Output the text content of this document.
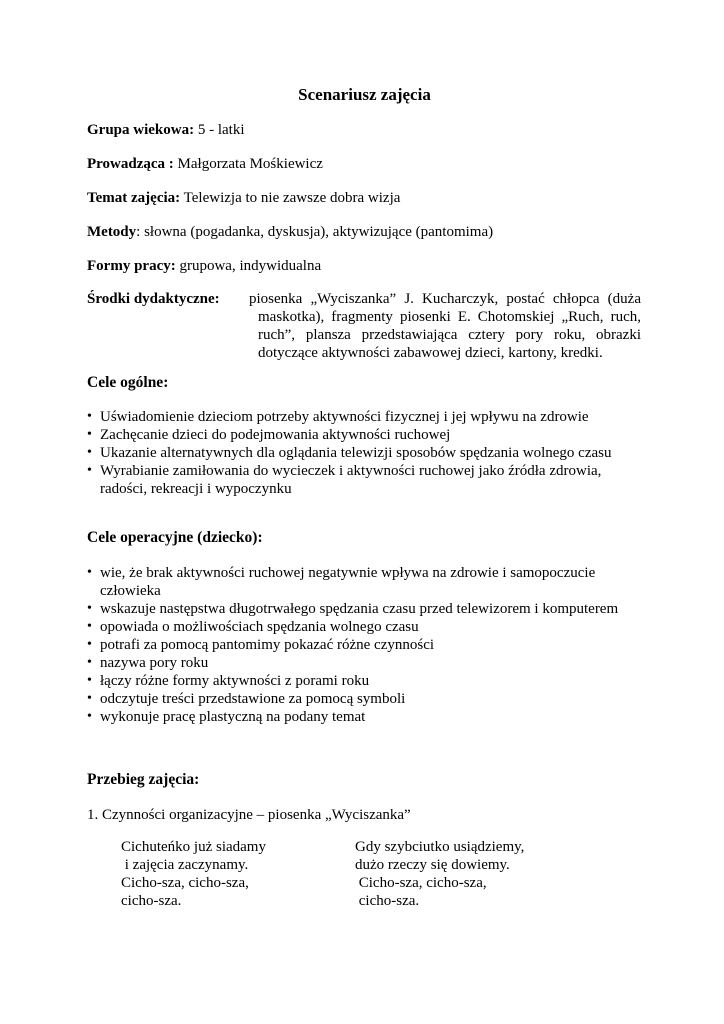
Scenariusz zajęcia
Grupa wiekowa: 5 - latki
Prowadząca : Małgorzata Mośkiewicz
Temat zajęcia: Telewizja to nie zawsze dobra wizja
Metody: słowna (pogadanka, dyskusja), aktywizujące (pantomima)
Formy pracy: grupowa, indywidualna
Środki dydaktyczne: piosenka „Wyciszanka” J. Kucharczyk, postać chłopca (duża maskotka), fragmenty piosenki E. Chotomskiej „Ruch, ruch, ruch”, plansza przedstawiająca cztery pory roku, obrazki dotyczące aktywności zabawowej dzieci, kartony, kredki.
Cele ogólne:
• Uświadomienie dzieciom potrzeby aktywności fizycznej i jej wpływu na zdrowie
• Zachęcanie dzieci do podejmowania aktywności ruchowej
• Ukazanie alternatywnych dla oglądania telewizji sposobów spędzania wolnego czasu
• Wyrabianie zamiłowania do wycieczek i aktywności ruchowej jako źródła zdrowia, radości, rekreacji i wypoczynku
Cele operacyjne (dziecko):
• wie, że brak aktywności ruchowej negatywnie wpływa na zdrowie i samopoczucie człowieka
• wskazuje następstwa długotrwałego spędzania czasu przed telewizorem i komputerem
• opowiada o możliwościach spędzania wolnego czasu
• potrafi za pomocą pantomimy pokazać różne czynności
• nazywa pory roku
• łączy różne formy aktywności z porami roku
• odczytuje treści przedstawione za pomocą symboli
• wykonuje pracę plastyczną na podany temat
Przebieg zajęcia:
1. Czynności organizacyjne – piosenka „Wyciszanka”
Cichuteńko już siadamy
i zajęcia zaczynamy.
Cicho-sza, cicho-sza,
cicho-sza.
Gdy szybciutko usiądziemy,
dużo rzeczy się dowiemy.
Cicho-sza, cicho-sza,
cicho-sza.
